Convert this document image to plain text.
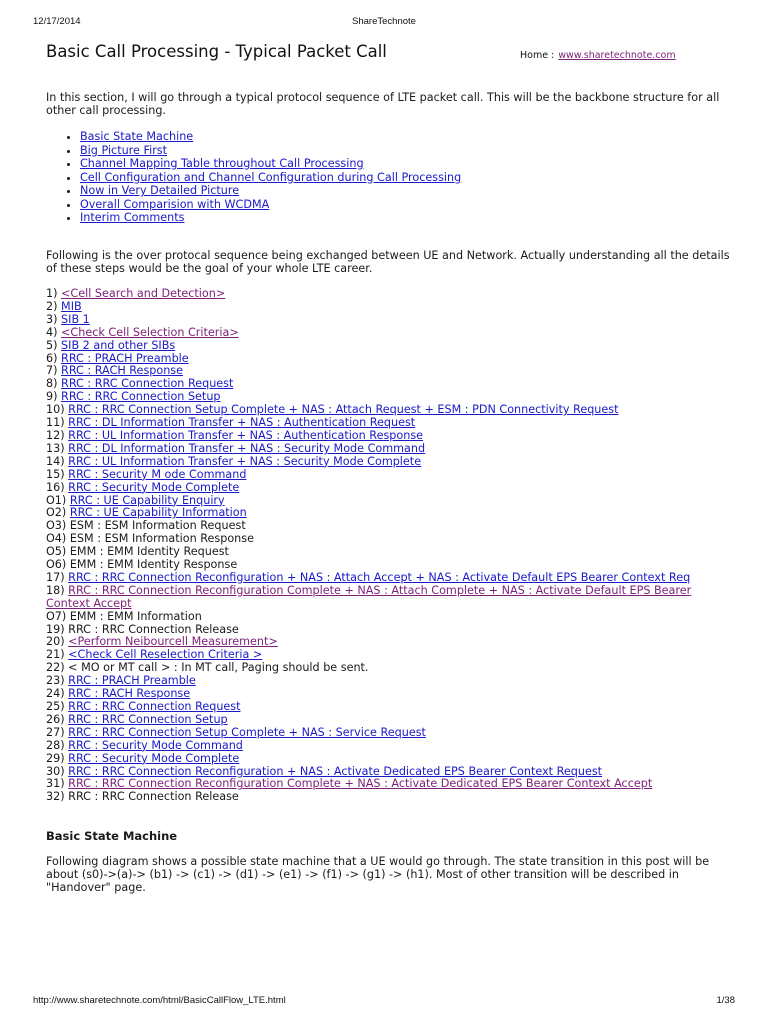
12/17/2014	ShareTechnote
Basic Call Processing - Typical Packet Call	Home : www.sharetechnote.com

In this section, I will go through a typical protocol sequence of LTE packet call. This will be the backbone structure for all other call processing.

• Basic State Machine
• Big Picture First
• Channel Mapping Table throughout Call Processing
• Cell Configuration and Channel Configuration during Call Processing
• Now in Very Detailed Picture
• Overall Comparision with WCDMA
• Interim Comments

Following is the over protocal sequence being exchanged between UE and Network. Actually understanding all the details of these steps would be the goal of your whole LTE career.

1) <Cell Search and Detection>
2) MIB
3) SIB 1
4) <Check Cell Selection Criteria>
5) SIB 2 and other SIBs
6) RRC : PRACH Preamble
7) RRC : RACH Response
8) RRC : RRC Connection Request
9) RRC : RRC Connection Setup
10) RRC : RRC Connection Setup Complete + NAS : Attach Request + ESM : PDN Connectivity Request
11) RRC : DL Information Transfer + NAS : Authentication Request
12) RRC : UL Information Transfer + NAS : Authentication Response
13) RRC : DL Information Transfer + NAS : Security Mode Command
14) RRC : UL Information Transfer + NAS : Security Mode Complete
15) RRC : Security M ode Command
16) RRC : Security Mode Complete
O1) RRC : UE Capability Enquiry
O2) RRC : UE Capability Information
O3) ESM : ESM Information Request
O4) ESM : ESM Information Response
O5) EMM : EMM Identity Request
O6) EMM : EMM Identity Response
17) RRC : RRC Connection Reconfiguration + NAS : Attach Accept + NAS : Activate Default EPS Bearer Context Req
18) RRC : RRC Connection Reconfiguration Complete + NAS : Attach Complete + NAS : Activate Default EPS Bearer Context Accept
O7) EMM : EMM Information
19) RRC : RRC Connection Release
20) <Perform Neibourcell Measurement>
21) <Check Cell Reselection Criteria >
22) < MO or MT call > : In MT call, Paging should be sent.
23) RRC : PRACH Preamble
24) RRC : RACH Response
25) RRC : RRC Connection Request
26) RRC : RRC Connection Setup
27) RRC : RRC Connection Setup Complete + NAS : Service Request
28) RRC : Security Mode Command
29) RRC : Security Mode Complete
30) RRC : RRC Connection Reconfiguration + NAS : Activate Dedicated EPS Bearer Context Request
31) RRC : RRC Connection Reconfiguration Complete + NAS : Activate Dedicated EPS Bearer Context Accept
32) RRC : RRC Connection Release
Basic State Machine

Following diagram shows a possible state machine that a UE would go through. The state transition in this post will be about (s0)->(a)-> (b1) -> (c1) -> (d1) -> (e1) -> (f1) -> (g1) -> (h1). Most of other transition will be described in "Handover" page.

http://www.sharetechnote.com/html/BasicCallFlow_LTE.html	1/38
